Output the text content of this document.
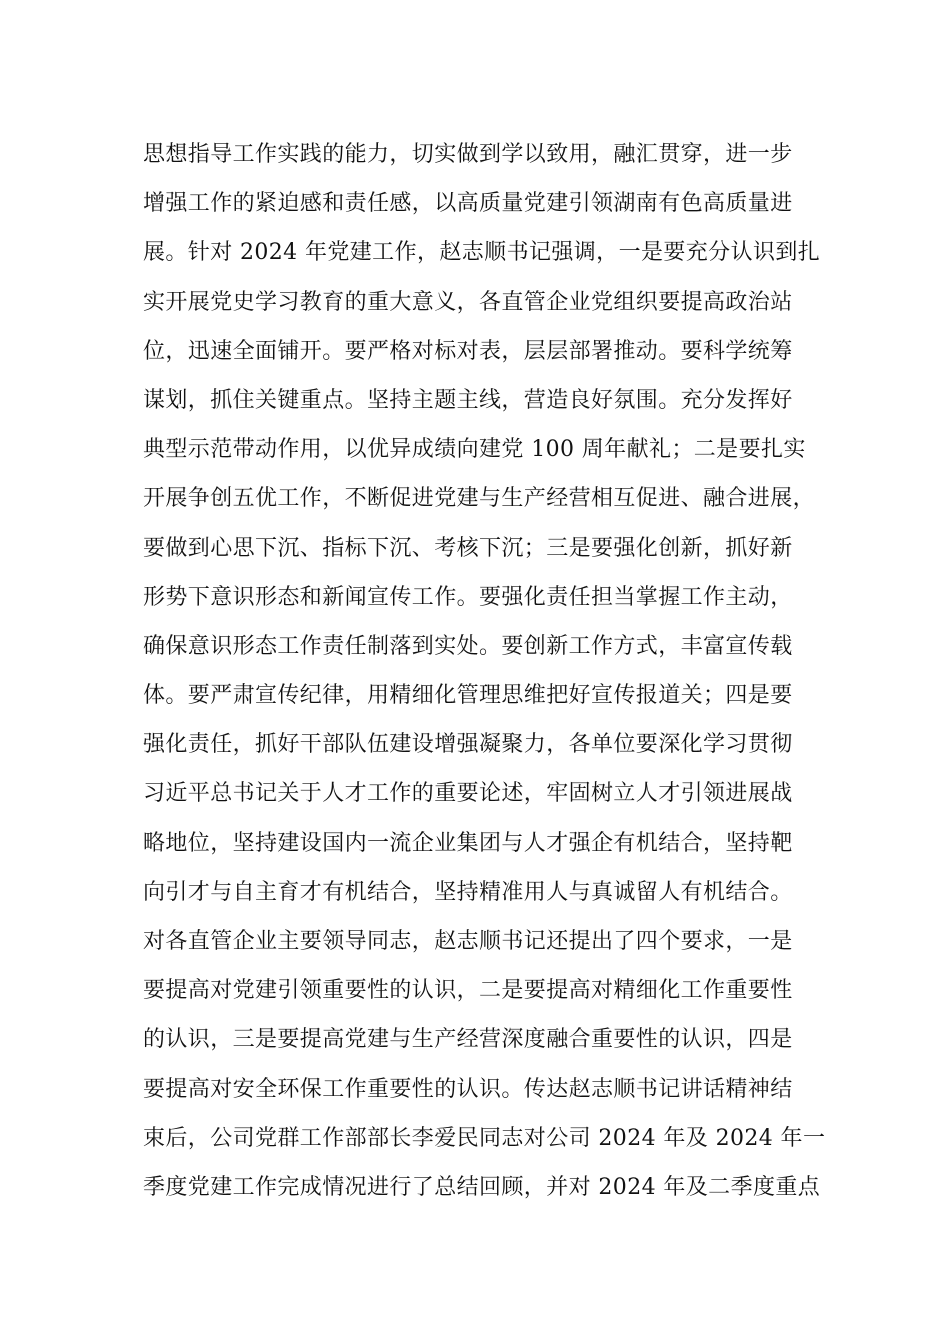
思想指导工作实践的能力，切实做到学以致用，融汇贯穿，进一步
增强工作的紧迫感和责任感，以高质量党建引领湖南有色高质量进
展。针对 2024 年党建工作，赵志顺书记强调，一是要充分认识到扎
实开展党史学习教育的重大意义，各直管企业党组织要提高政治站
位，迅速全面铺开。要严格对标对表，层层部署推动。要科学统筹
谋划，抓住关键重点。坚持主题主线，营造良好氛围。充分发挥好
典型示范带动作用，以优异成绩向建党 100 周年献礼；二是要扎实
开展争创五优工作，不断促进党建与生产经营相互促进、融合进展，
要做到心思下沉、指标下沉、考核下沉；三是要强化创新，抓好新
形势下意识形态和新闻宣传工作。要强化责任担当掌握工作主动，
确保意识形态工作责任制落到实处。要创新工作方式，丰富宣传载
体。要严肃宣传纪律，用精细化管理思维把好宣传报道关；四是要
强化责任，抓好干部队伍建设增强凝聚力，各单位要深化学习贯彻
习近平总书记关于人才工作的重要论述，牢固树立人才引领进展战
略地位，坚持建设国内一流企业集团与人才强企有机结合，坚持靶
向引才与自主育才有机结合，坚持精准用人与真诚留人有机结合。
对各直管企业主要领导同志，赵志顺书记还提出了四个要求，一是
要提高对党建引领重要性的认识，二是要提高对精细化工作重要性
的认识，三是要提高党建与生产经营深度融合重要性的认识，四是
要提高对安全环保工作重要性的认识。传达赵志顺书记讲话精神结
束后，公司党群工作部部长李爱民同志对公司 2024 年及 2024 年一
季度党建工作完成情况进行了总结回顾，并对 2024 年及二季度重点
